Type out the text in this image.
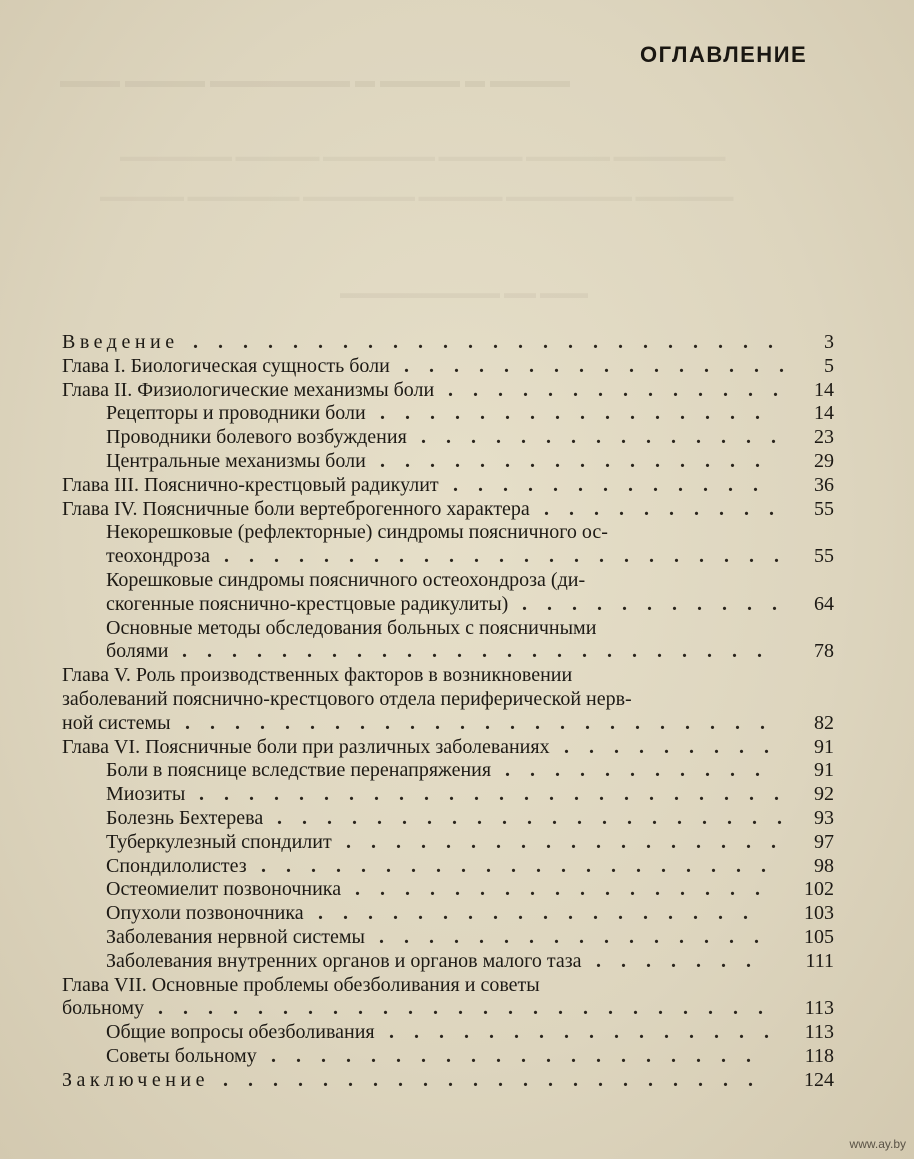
▬▬▬▬ ▬ ▬▬▬▬ ▬ ▬▬▬▬▬▬▬ ▬▬▬▬ ▬▬▬
▬▬▬▬▬▬▬▬ ▬▬▬▬▬▬ ▬▬▬▬▬▬ ▬▬▬▬▬▬▬▬ ▬▬▬▬▬▬ ▬▬▬▬▬▬▬▬
▬▬▬▬▬▬▬ ▬▬▬▬▬▬▬▬▬ ▬▬▬▬▬▬ ▬▬▬▬▬▬▬▬ ▬▬▬▬▬▬▬▬ ▬▬▬▬▬▬
▬▬▬ ▬▬ ▬▬▬▬▬▬▬▬▬▬
ОГЛАВЛЕНИЕ
Введение	3
........................
Глава I. Биологическая сущность боли	5
................
Глава II. Физиологические механизмы боли	14
..............
Рецепторы и проводники боли	14
................
Проводники болевого возбуждения	23
...............
Центральные механизмы боли	29
................
Глава III. Пояснично-крестцовый радикулит	36
.............
Глава IV. Поясничные боли вертеброгенного характера	55
..........
Некорешковые (рефлекторные) синдромы поясничного ос-
теохондроза	55
.......................
Корешковые синдромы поясничного остеохондроза (ди-
скогенные пояснично-крестцовые радикулиты)	64
...........
Основные методы обследования больных с поясничными
болями	78
........................
Глава V. Роль производственных факторов в возникновении
заболеваний пояснично-крестцового отдела периферической нерв-
ной системы	82
........................
Глава VI. Поясничные боли при различных заболеваниях	91
.........
Боли в пояснице вследствие перенапряжения	91
...........
Миозиты	92
........................
Болезнь Бехтерева	93
.....................
Туберкулезный спондилит	97
..................
Спондилолистез	98
.....................
Остеомиелит позвоночника	102
.................
Опухоли позвоночника	103
..................
Заболевания нервной системы	105
................
Заболевания внутренних органов и органов малого таза	111
.......
Глава VII. Основные проблемы обезболивания и советы
больному	113
.........................
Общие вопросы обезболивания	113
................
Советы больному	118
....................
Заключение	124
......................
www.ay.by
